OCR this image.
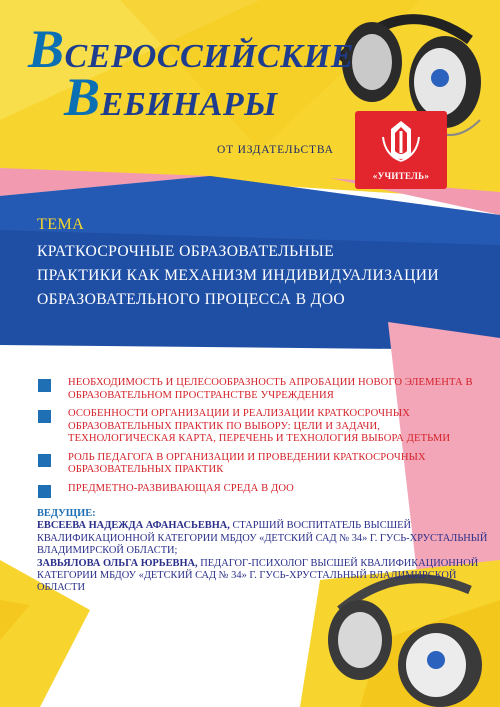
ВСЕРОССИЙСКИЕ
ВЕБИНАРЫ
ОТ ИЗДАТЕЛЬСТВА
«УЧИТЕЛЬ»
ТЕМА
КРАТКОСРОЧНЫЕ ОБРАЗОВАТЕЛЬНЫЕ
ПРАКТИКИ КАК МЕХАНИЗМ ИНДИВИДУАЛИЗАЦИИ
ОБРАЗОВАТЕЛЬНОГО ПРОЦЕССА В ДОО
НЕОБХОДИМОСТЬ И ЦЕЛЕСООБРАЗНОСТЬ АПРОБАЦИИ НОВОГО ЭЛЕМЕНТА В ОБРАЗОВАТЕЛЬНОМ ПРОСТРАНСТВЕ УЧРЕЖДЕНИЯ
ОСОБЕННОСТИ ОРГАНИЗАЦИИ И РЕАЛИЗАЦИИ КРАТКОСРОЧНЫХ ОБРАЗОВАТЕЛЬНЫХ ПРАКТИК ПО ВЫБОРУ: ЦЕЛИ И ЗАДАЧИ, ТЕХНОЛОГИЧЕСКАЯ КАРТА, ПЕРЕЧЕНЬ И ТЕХНОЛОГИЯ ВЫБОРА ДЕТЬМИ
РОЛЬ ПЕДАГОГА В ОРГАНИЗАЦИИ И ПРОВЕДЕНИИ КРАТКОСРОЧНЫХ ОБРАЗОВАТЕЛЬНЫХ ПРАКТИК
ПРЕДМЕТНО-РАЗВИВАЮЩАЯ СРЕДА В ДОО
ВЕДУЩИЕ:
ЕВСЕЕВА НАДЕЖДА АФАНАСЬЕВНА, СТАРШИЙ ВОСПИТАТЕЛЬ ВЫСШЕЙ КВАЛИФИКАЦИОННОЙ КАТЕГОРИИ МБДОУ «ДЕТСКИЙ САД № 34» Г. ГУСЬ-ХРУСТАЛЬНЫЙ ВЛАДИМИРСКОЙ ОБЛАСТИ;
ЗАВЬЯЛОВА ОЛЬГА ЮРЬЕВНА, ПЕДАГОГ-ПСИХОЛОГ ВЫСШЕЙ КВАЛИФИКАЦИОННОЙ КАТЕГОРИИ МБДОУ «ДЕТСКИЙ САД № 34» Г. ГУСЬ-ХРУСТАЛЬНЫЙ ВЛАДИМИРСКОЙ ОБЛАСТИ
